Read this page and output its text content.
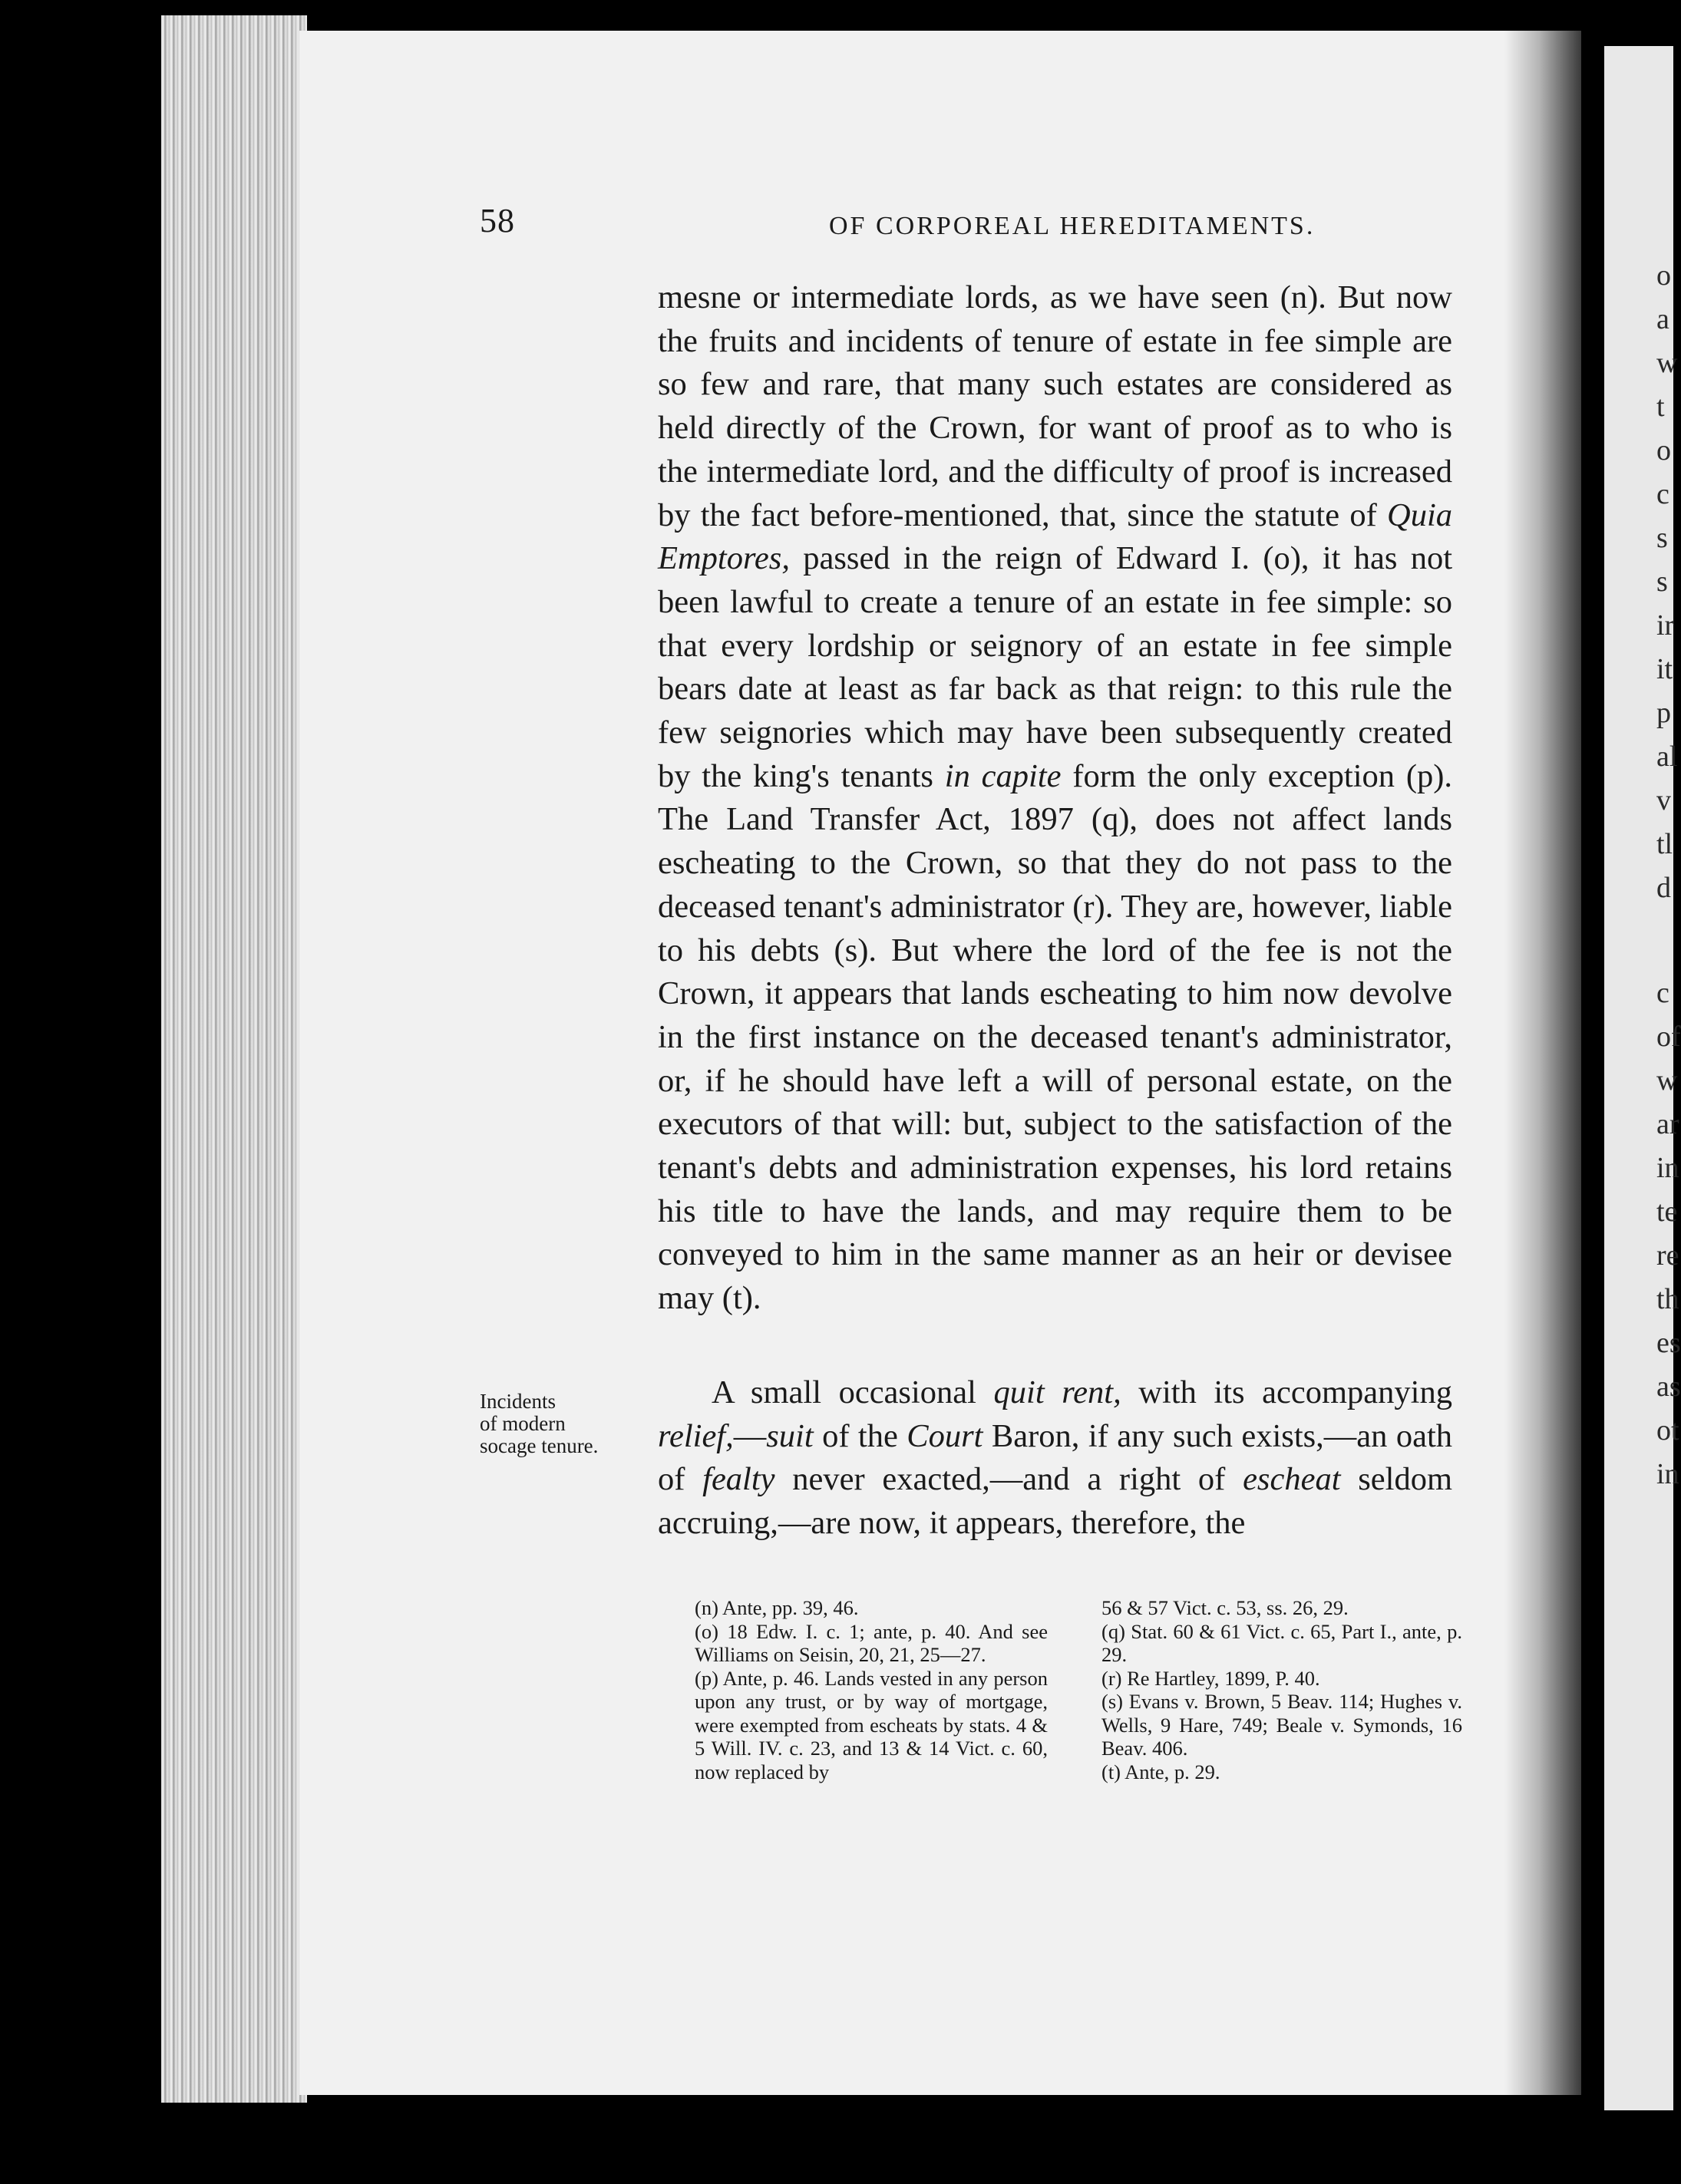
o
a
w
t
o
c
s
s
ir
it
p
al
v
tl
d
c
of
w
ar
in
te
re
th
es
as
ot
in
58	OF CORPOREAL HEREDITAMENTS.

mesne or intermediate lords, as we have seen (n). But now the fruits and incidents of tenure of estate in fee simple are so few and rare, that many such estates are considered as held directly of the Crown, for want of proof as to who is the intermediate lord, and the difficulty of proof is increased by the fact before-mentioned, that, since the statute of Quia Emptores, passed in the reign of Edward I. (o), it has not been lawful to create a tenure of an estate in fee simple: so that every lordship or seignory of an estate in fee simple bears date at least as far back as that reign: to this rule the few seignories which may have been subsequently created by the king's tenants in capite form the only exception (p). The Land Transfer Act, 1897 (q), does not affect lands escheating to the Crown, so that they do not pass to the deceased tenant's administrator (r). They are, however, liable to his debts (s). But where the lord of the fee is not the Crown, it appears that lands escheating to him now devolve in the first instance on the deceased tenant's administrator, or, if he should have left a will of personal estate, on the executors of that will: but, subject to the satisfaction of the tenant's debts and administration expenses, his lord retains his title to have the lands, and may require them to be conveyed to him in the same manner as an heir or devisee may (t).

A small occasional quit rent, with its accompanying relief,—suit of the Court Baron, if any such exists,—an oath of fealty never exacted,—and a right of escheat seldom accruing,—are now, it appears, therefore, the

Incidents
of modern
socage tenure.

(n) Ante, pp. 39, 46.

(o) 18 Edw. I. c. 1; ante, p. 40. And see Williams on Seisin, 20, 21, 25—27.

(p) Ante, p. 46. Lands vested in any person upon any trust, or by way of mortgage, were exempted from escheats by stats. 4 & 5 Will. IV. c. 23, and 13 & 14 Vict. c. 60, now replaced by

56 & 57 Vict. c. 53, ss. 26, 29.

(q) Stat. 60 & 61 Vict. c. 65, Part I., ante, p. 29.

(r) Re Hartley, 1899, P. 40.

(s) Evans v. Brown, 5 Beav. 114; Hughes v. Wells, 9 Hare, 749; Beale v. Symonds, 16 Beav. 406.

(t) Ante, p. 29.
